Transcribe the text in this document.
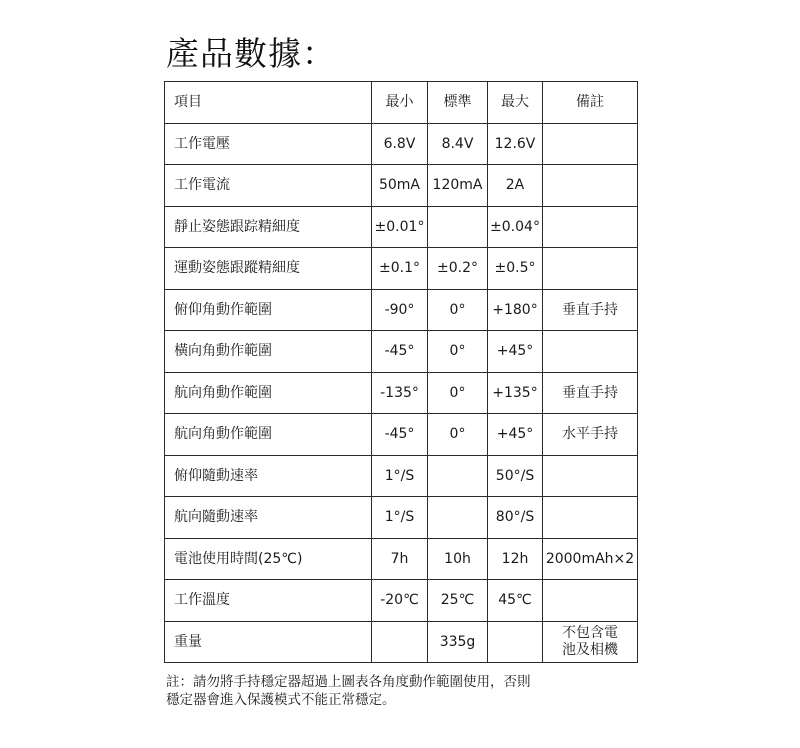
產品數據：
項目	最小	標準	最大	備註
工作電壓	6.8V	8.4V	12.6V	
工作電流	50mA	120mA	2A	
靜止姿態跟踪精細度	±0.01°		±0.04°	
運動姿態跟蹤精細度	±0.1°	±0.2°	±0.5°	
俯仰角動作範圍	-90°	0°	+180°	垂直手持
橫向角動作範圍	-45°	0°	+45°	
航向角動作範圍	-135°	0°	+135°	垂直手持
航向角動作範圍	-45°	0°	+45°	水平手持
俯仰隨動速率	1°/S		50°/S	
航向隨動速率	1°/S		80°/S	
電池使用時間(25℃)	7h	10h	12h	2000mAh×2
工作溫度	-20℃	25℃	45℃	
重量		335g		不包含電池及相機
註：請勿將手持穩定器超過上圖表各角度動作範圍使用，否則
穩定器會進入保護模式不能正常穩定。
